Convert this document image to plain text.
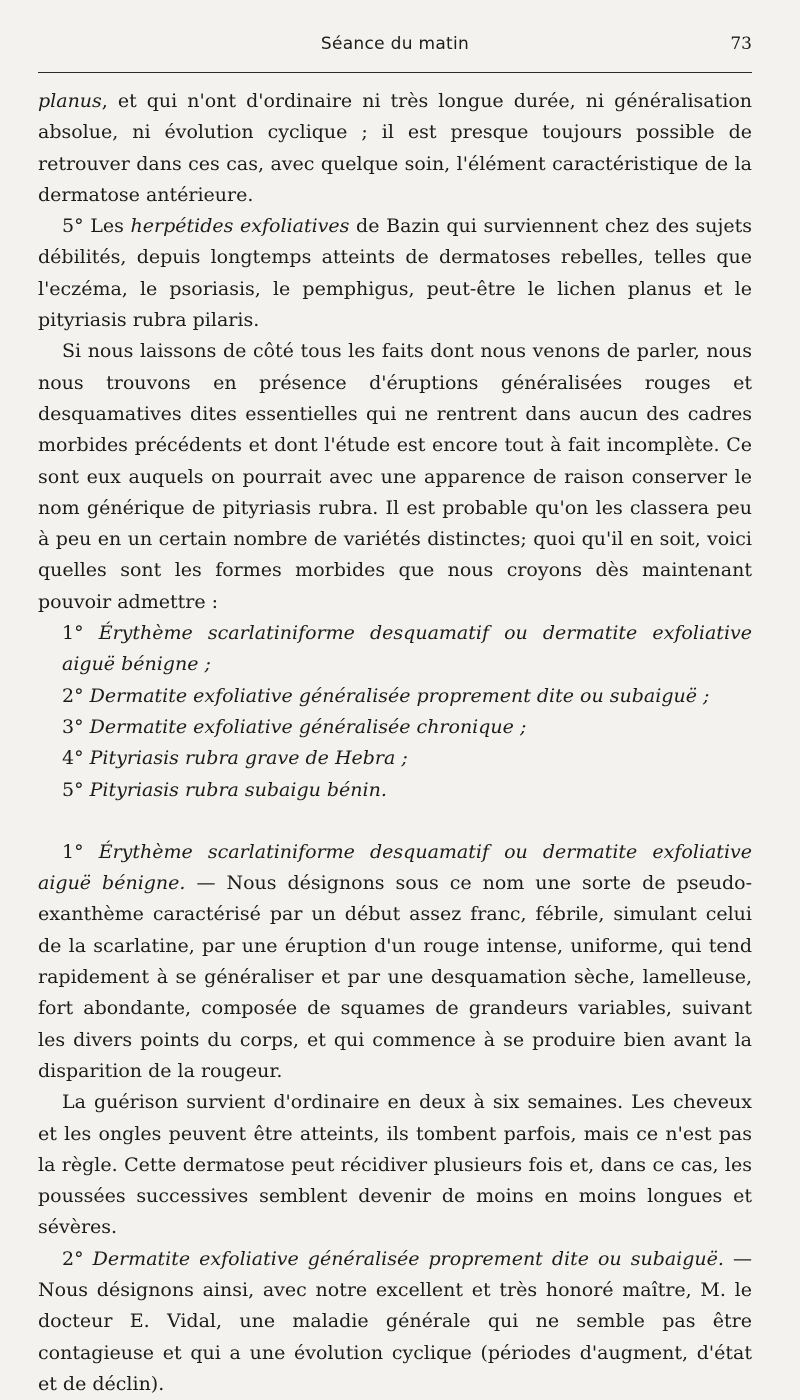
Séance du matin	73

planus, et qui n'ont d'ordinaire ni très longue durée, ni généralisation absolue, ni évolution cyclique ; il est presque toujours possible de retrouver dans ces cas, avec quelque soin, l'élément caractéristique de la dermatose antérieure.

5° Les herpétides exfoliatives de Bazin qui surviennent chez des sujets débilités, depuis longtemps atteints de dermatoses rebelles, telles que l'eczéma, le psoriasis, le pemphigus, peut-être le lichen planus et le pityriasis rubra pilaris.

Si nous laissons de côté tous les faits dont nous venons de parler, nous nous trouvons en présence d'éruptions généralisées rouges et desquamatives dites essentielles qui ne rentrent dans aucun des cadres morbides précédents et dont l'étude est encore tout à fait incomplète. Ce sont eux auquels on pourrait avec une apparence de raison conserver le nom générique de pityriasis rubra. Il est probable qu'on les classera peu à peu en un certain nombre de variétés distinctes; quoi qu'il en soit, voici quelles sont les formes morbides que nous croyons dès maintenant pouvoir admettre :

1° Érythème scarlatiniforme desquamatif ou dermatite exfoliative aiguë bénigne ;

2° Dermatite exfoliative généralisée proprement dite ou subaiguë ;

3° Dermatite exfoliative généralisée chronique ;

4° Pityriasis rubra grave de Hebra ;

5° Pityriasis rubra subaigu bénin.

1° Érythème scarlatiniforme desquamatif ou dermatite exfoliative aiguë bénigne. — Nous désignons sous ce nom une sorte de pseudo-exanthème caractérisé par un début assez franc, fébrile, simulant celui de la scarlatine, par une éruption d'un rouge intense, uniforme, qui tend rapidement à se généraliser et par une desquamation sèche, lamelleuse, fort abondante, composée de squames de grandeurs variables, suivant les divers points du corps, et qui commence à se produire bien avant la disparition de la rougeur.

La guérison survient d'ordinaire en deux à six semaines. Les cheveux et les ongles peuvent être atteints, ils tombent parfois, mais ce n'est pas la règle. Cette dermatose peut récidiver plusieurs fois et, dans ce cas, les poussées successives semblent devenir de moins en moins longues et sévères.

2° Dermatite exfoliative généralisée proprement dite ou subaiguë. — Nous désignons ainsi, avec notre excellent et très honoré maître, M. le docteur E. Vidal, une maladie générale qui ne semble pas être contagieuse et qui a une évolution cyclique (périodes d'augment, d'état et de déclin).
